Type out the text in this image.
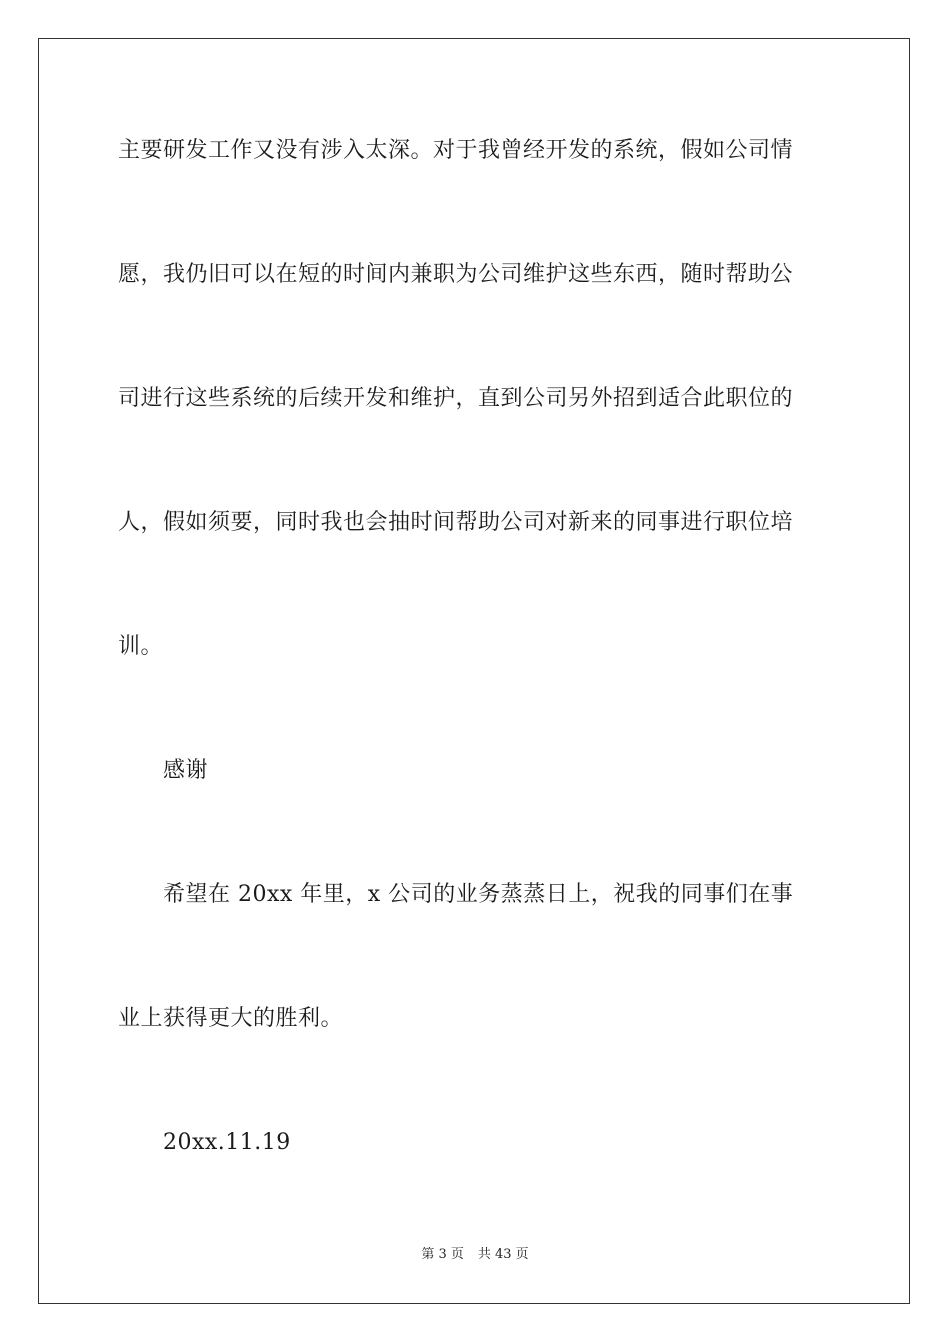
主要研发工作又没有涉入太深。对于我曾经开发的系统，假如公司情
愿，我仍旧可以在短的时间内兼职为公司维护这些东西，随时帮助公
司进行这些系统的后续开发和维护，直到公司另外招到适合此职位的
人，假如须要，同时我也会抽时间帮助公司对新来的同事进行职位培
训。
感谢
希望在 20xx 年里，x 公司的业务蒸蒸日上，祝我的同事们在事
业上获得更大的胜利。
20xx.11.19
第 3 页 共 43 页
